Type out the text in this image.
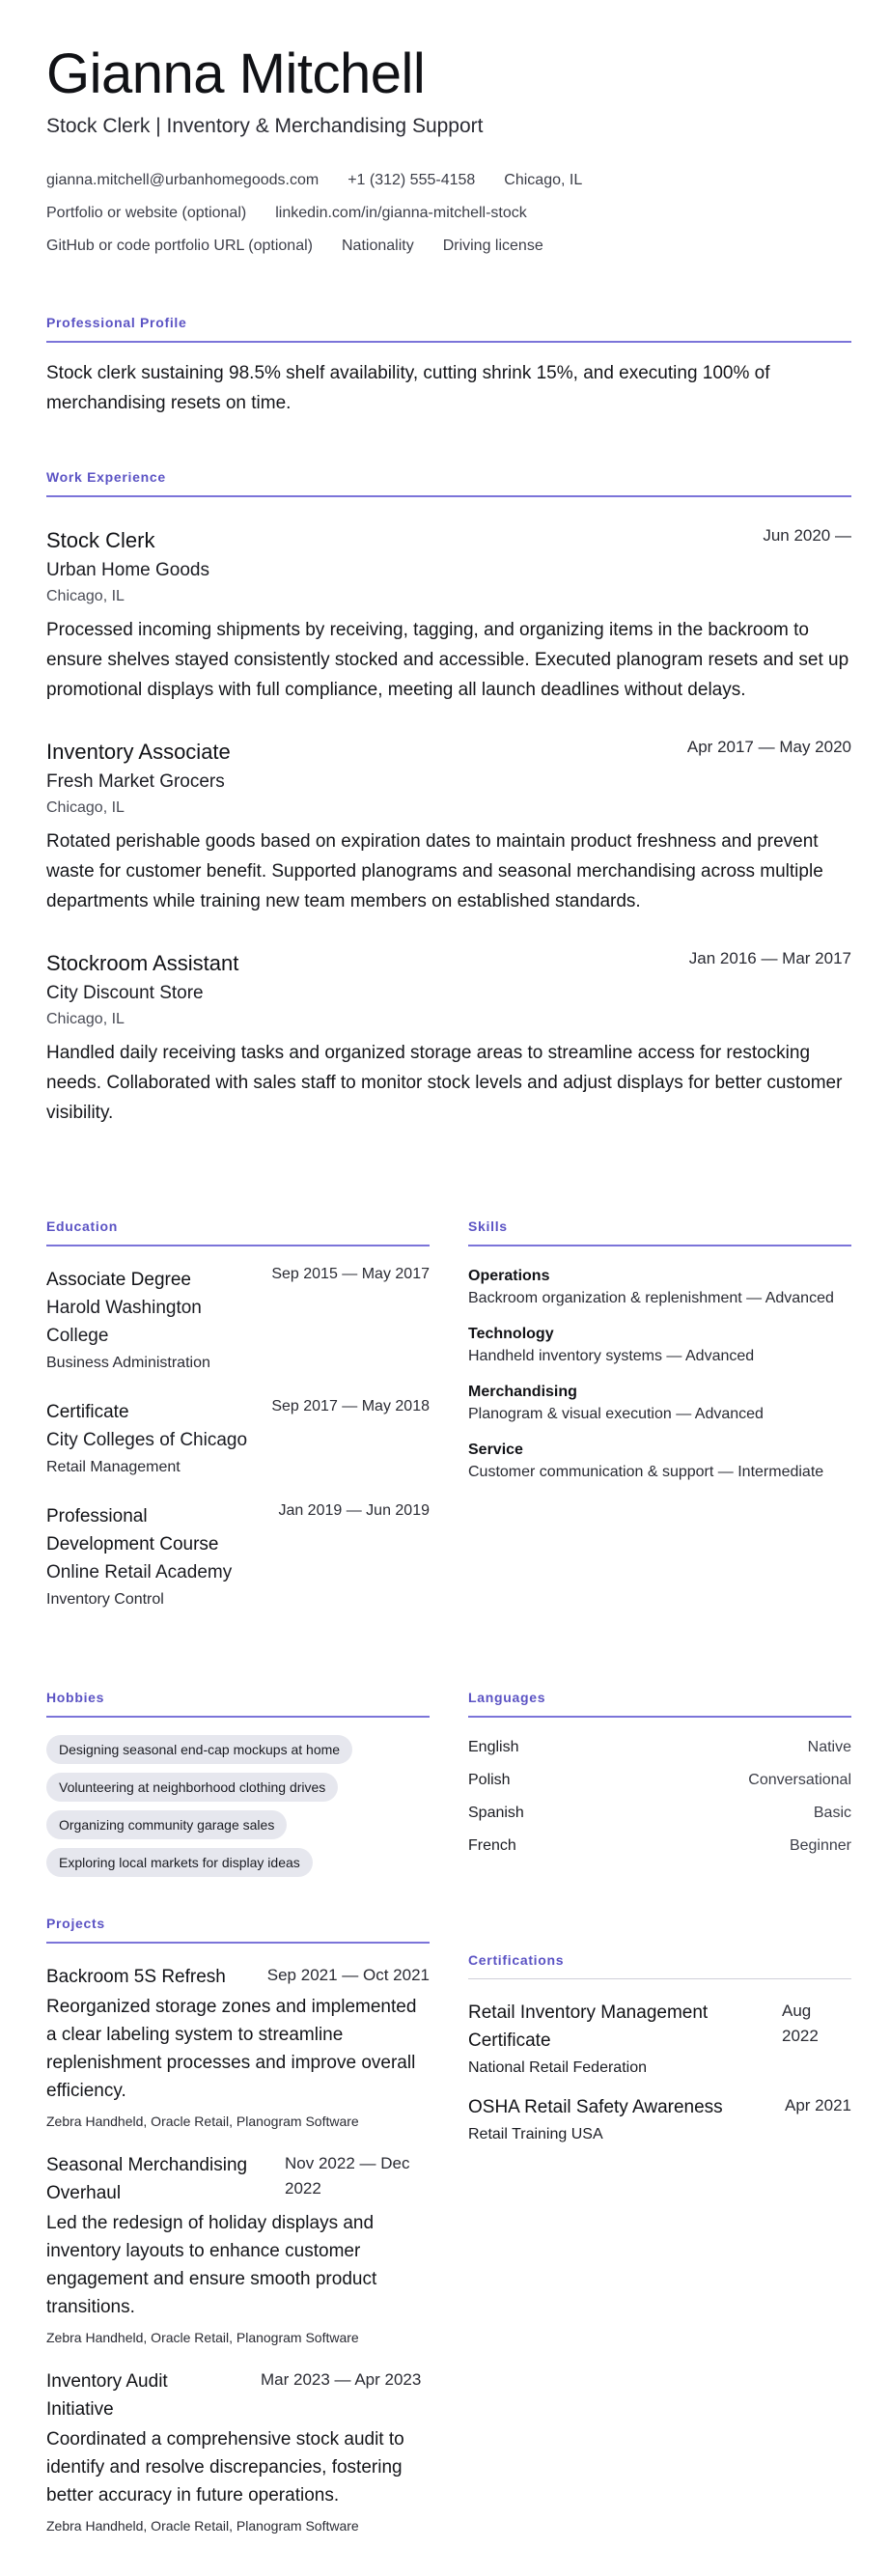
Gianna Mitchell
Stock Clerk | Inventory & Merchandising Support
gianna.mitchell@urbanhomegoods.com +1 (312) 555-4158 Chicago, IL
Portfolio or website (optional) linkedin.com/in/gianna-mitchell-stock
GitHub or code portfolio URL (optional) Nationality Driving license
Professional Profile

Stock clerk sustaining 98.5% shelf availability, cutting shrink 15%, and executing 100% of merchandising resets on time.

Work Experience
Stock Clerk	Jun 2020 —
Urban Home Goods
Chicago, IL
Processed incoming shipments by receiving, tagging, and organizing items in the backroom to ensure shelves stayed consistently stocked and accessible. Executed planogram resets and set up promotional displays with full compliance, meeting all launch deadlines without delays.
Inventory Associate	Apr 2017 — May 2020
Fresh Market Grocers
Chicago, IL
Rotated perishable goods based on expiration dates to maintain product freshness and prevent waste for customer benefit. Supported planograms and seasonal merchandising across multiple departments while training new team members on established standards.
Stockroom Assistant	Jan 2016 — Mar 2017
City Discount Store
Chicago, IL
Handled daily receiving tasks and organized storage areas to streamline access for restocking needs. Collaborated with sales staff to monitor stock levels and adjust displays for better customer visibility.
Education
Associate Degree	Sep 2015 — May 2017
Harold Washington College
Business Administration
Certificate	Sep 2017 — May 2018
City Colleges of Chicago
Retail Management
Professional Development Course
Jan 2019 — Jun 2019
Online Retail Academy
Inventory Control
Skills
Operations
Backroom organization & replenishment — Advanced
Technology
Handheld inventory systems — Advanced
Merchandising
Planogram & visual execution — Advanced
Service
Customer communication & support — Intermediate
Hobbies
Designing seasonal end-cap mockups at home
Volunteering at neighborhood clothing drives
Organizing community garage sales
Exploring local markets for display ideas
Languages
English	Native
Polish	Conversational
Spanish	Basic
French	Beginner
Projects
Backroom 5S Refresh	Sep 2021 — Oct 2021
Reorganized storage zones and implemented a clear labeling system to streamline replenishment processes and improve overall efficiency.
Zebra Handheld, Oracle Retail, Planogram Software
Seasonal Merchandising Overhaul
Nov 2022 — Dec 2022
Led the redesign of holiday displays and inventory layouts to enhance customer engagement and ensure smooth product transitions.
Zebra Handheld, Oracle Retail, Planogram Software
Inventory Audit Initiative
Mar 2023 — Apr 2023
Coordinated a comprehensive stock audit to identify and resolve discrepancies, fostering better accuracy in future operations.
Zebra Handheld, Oracle Retail, Planogram Software
Certifications
Retail Inventory Management Certificate
Aug 2022
National Retail Federation
OSHA Retail Safety Awareness	Apr 2021
Retail Training USA
